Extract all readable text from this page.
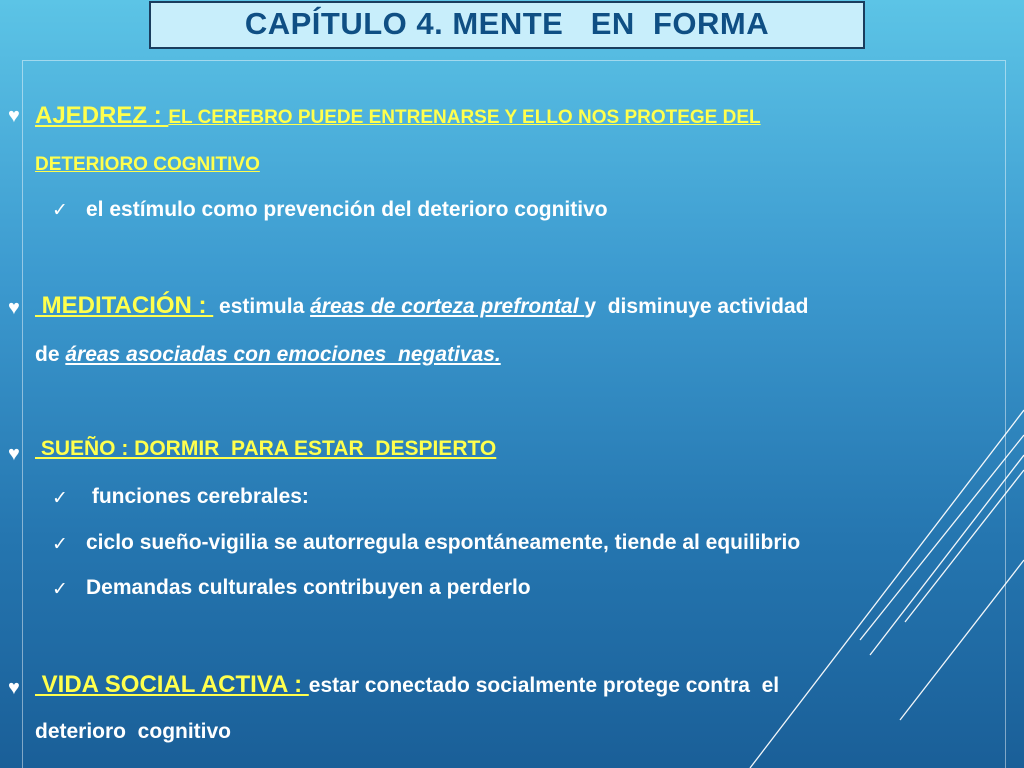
CAPÍTULO 4. MENTE   EN  FORMA
♥ AJEDREZ : EL CEREBRO PUEDE ENTRENARSE Y ELLO NOS PROTEGE DEL
DETERIORO COGNITIVO
✓ el estímulo como prevención del deterioro cognitivo
♥ MEDITACIÓN :  estimula áreas de corteza prefrontal y  disminuye actividad
de áreas asociadas con emociones  negativas.
♥ SUEÑO : DORMIR  PARA ESTAR  DESPIERTO
✓ funciones cerebrales:
✓ ciclo sueño-vigilia se autorregula espontáneamente, tiende al equilibrio
✓ Demandas culturales contribuyen a perderlo
♥ VIDA SOCIAL ACTIVA : estar conectado socialmente protege contra  el
deterioro  cognitivo
